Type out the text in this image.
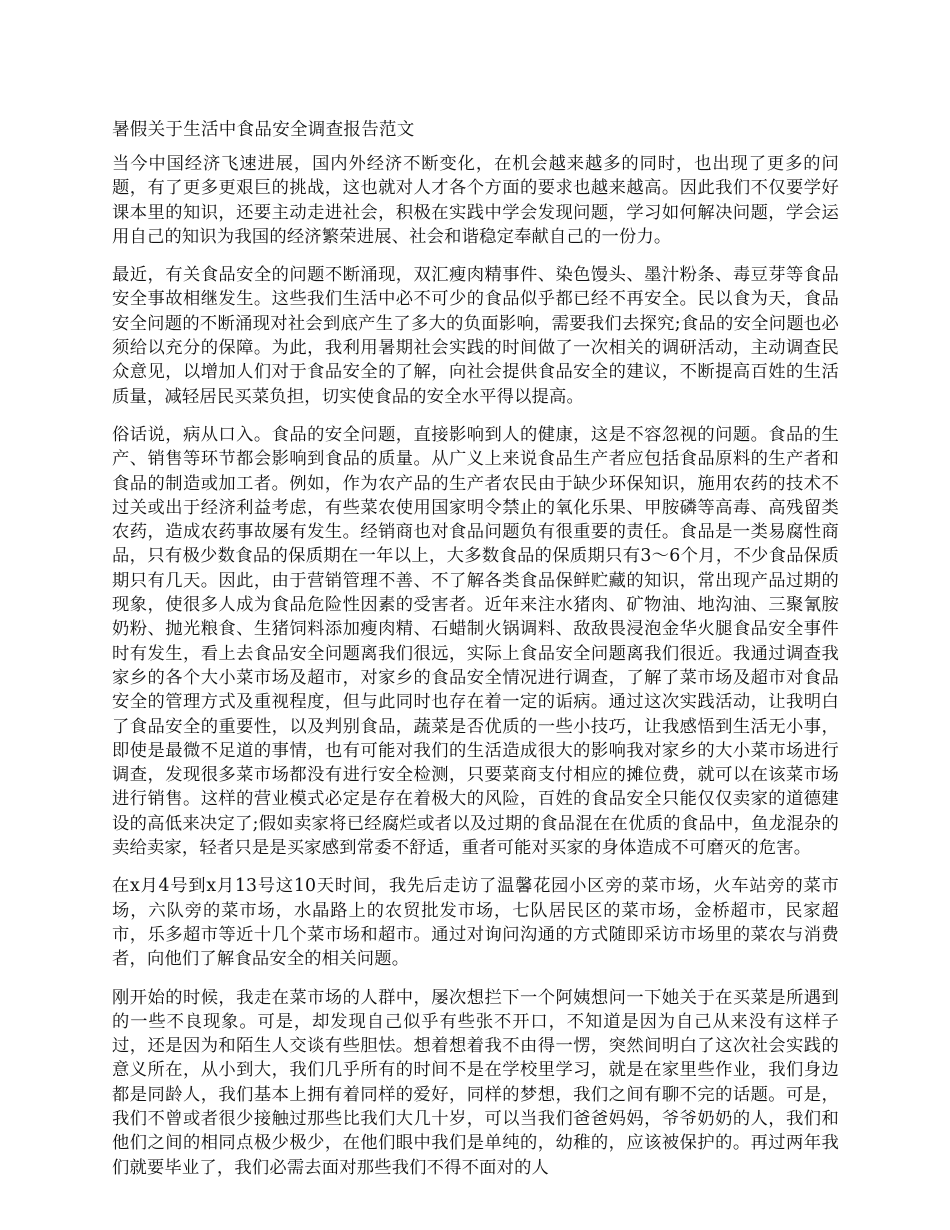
暑假关于生活中食品安全调查报告范文

当今中国经济飞速进展，国内外经济不断变化，在机会越来越多的同时，也出现了更多的问题，有了更多更艰巨的挑战，这也就对人才各个方面的要求也越来越高。因此我们不仅要学好课本里的知识，还要主动走进社会，积极在实践中学会发现问题，学习如何解决问题，学会运用自己的知识为我国的经济繁荣进展、社会和谐稳定奉献自己的一份力。

最近，有关食品安全的问题不断涌现，双汇瘦肉精事件、染色馒头、墨汁粉条、毒豆芽等食品安全事故相继发生。这些我们生活中必不可少的食品似乎都已经不再安全。民以食为天，食品安全问题的不断涌现对社会到底产生了多大的负面影响，需要我们去探究;食品的安全问题也必须给以充分的保障。为此，我利用暑期社会实践的时间做了一次相关的调研活动，主动调查民众意见，以增加人们对于食品安全的了解，向社会提供食品安全的建议，不断提高百姓的生活质量，减轻居民买菜负担，切实使食品的安全水平得以提高。

俗话说，病从口入。食品的安全问题，直接影响到人的健康，这是不容忽视的问题。食品的生产、销售等环节都会影响到食品的质量。从广义上来说食品生产者应包括食品原料的生产者和食品的制造或加工者。例如，作为农产品的生产者农民由于缺少环保知识，施用农药的技术不过关或出于经济利益考虑，有些菜农使用国家明令禁止的氧化乐果、甲胺磷等高毒、高残留类农药，造成农药事故屡有发生。经销商也对食品问题负有很重要的责任。食品是一类易腐性商品，只有极少数食品的保质期在一年以上，大多数食品的保质期只有3～6个月，不少食品保质期只有几天。因此，由于营销管理不善、不了解各类食品保鲜贮藏的知识，常出现产品过期的现象，使很多人成为食品危险性因素的受害者。近年来注水猪肉、矿物油、地沟油、三聚氰胺奶粉、抛光粮食、生猪饲料添加瘦肉精、石蜡制火锅调料、敌敌畏浸泡金华火腿食品安全事件时有发生，看上去食品安全问题离我们很远，实际上食品安全问题离我们很近。我通过调查我家乡的各个大小菜市场及超市，对家乡的食品安全情况进行调查，了解了菜市场及超市对食品安全的管理方式及重视程度，但与此同时也存在着一定的诟病。通过这次实践活动，让我明白了食品安全的重要性，以及判别食品，蔬菜是否优质的一些小技巧，让我感悟到生活无小事，即使是最微不足道的事情，也有可能对我们的生活造成很大的影响我对家乡的大小菜市场进行调查，发现很多菜市场都没有进行安全检测，只要菜商支付相应的摊位费，就可以在该菜市场进行销售。这样的营业模式必定是存在着极大的风险，百姓的食品安全只能仅仅卖家的道德建设的高低来决定了;假如卖家将已经腐烂或者以及过期的食品混在在优质的食品中，鱼龙混杂的卖给卖家，轻者只是是买家感到常委不舒适，重者可能对买家的身体造成不可磨灭的危害。

在x月4号到x月13号这10天时间，我先后走访了温馨花园小区旁的菜市场，火车站旁的菜市场，六队旁的菜市场，水晶路上的农贸批发市场，七队居民区的菜市场，金桥超市，民家超市，乐多超市等近十几个菜市场和超市。通过对询问沟通的方式随即采访市场里的菜农与消费者，向他们了解食品安全的相关问题。

刚开始的时候，我走在菜市场的人群中，屡次想拦下一个阿姨想问一下她关于在买菜是所遇到的一些不良现象。可是，却发现自己似乎有些张不开口，不知道是因为自己从来没有这样子过，还是因为和陌生人交谈有些胆怯。想着想着我不由得一愣，突然间明白了这次社会实践的意义所在，从小到大，我们几乎所有的时间不是在学校里学习，就是在家里些作业，我们身边都是同龄人，我们基本上拥有着同样的爱好，同样的梦想，我们之间有聊不完的话题。可是，我们不曾或者很少接触过那些比我们大几十岁，可以当我们爸爸妈妈，爷爷奶奶的人，我们和他们之间的相同点极少极少，在他们眼中我们是单纯的，幼稚的，应该被保护的。再过两年我们就要毕业了，我们必需去面对那些我们不得不面对的人
